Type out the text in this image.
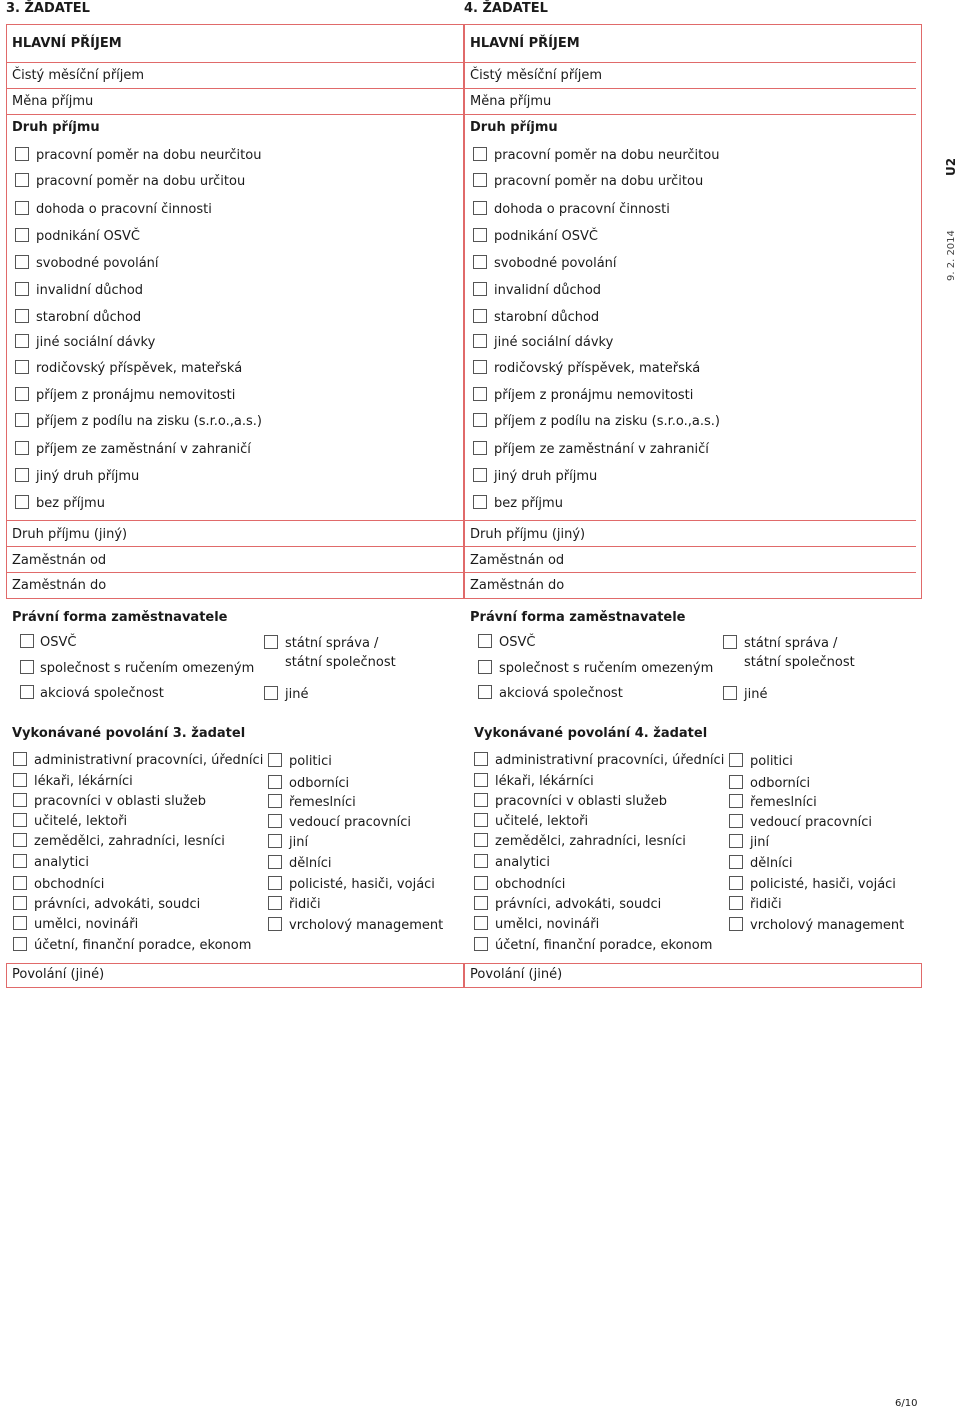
3. ŽADATEL
HLAVNÍ PŘÍJEM
Čistý měsíční příjem
Měna příjmu
Druh příjmu
pracovní poměr na dobu neurčitou
pracovní poměr na dobu určitou
dohoda o pracovní činnosti
podnikání OSVČ
svobodné povolání
invalidní důchod
starobní důchod
jiné sociální dávky
rodičovský příspěvek, mateřská
příjem z pronájmu nemovitosti
příjem z podílu na zisku (s.r.o.,a.s.)
příjem ze zaměstnání v zahraničí
jiný druh příjmu
bez příjmu
Druh příjmu (jiný)
Zaměstnán od
Zaměstnán do
Právní forma zaměstnavatele
OSVČ
společnost s ručením omezeným
akciová společnost
státní správa /
státní společnost
jiné
Vykonávané povolání 3. žadatel
administrativní pracovníci, úředníci
lékaři, lékárníci
pracovníci v oblasti služeb
učitelé, lektoři
zemědělci, zahradníci, lesníci
analytici
obchodníci
právníci, advokáti, soudci
umělci, novináři
účetní, finanční poradce, ekonom
politici
odborníci
řemeslníci
vedoucí pracovníci
jiní
dělníci
policisté, hasiči, vojáci
řidiči
vrcholový management
Povolání (jiné)
4. ŽADATEL
HLAVNÍ PŘÍJEM
Čistý měsíční příjem
Měna příjmu
Druh příjmu
pracovní poměr na dobu neurčitou
pracovní poměr na dobu určitou
dohoda o pracovní činnosti
podnikání OSVČ
svobodné povolání
invalidní důchod
starobní důchod
jiné sociální dávky
rodičovský příspěvek, mateřská
příjem z pronájmu nemovitosti
příjem z podílu na zisku (s.r.o.,a.s.)
příjem ze zaměstnání v zahraničí
jiný druh příjmu
bez příjmu
Druh příjmu (jiný)
Zaměstnán od
Zaměstnán do
Právní forma zaměstnavatele
OSVČ
společnost s ručením omezeným
akciová společnost
státní správa /
státní společnost
jiné
Vykonávané povolání 4. žadatel
administrativní pracovníci, úředníci
lékaři, lékárníci
pracovníci v oblasti služeb
učitelé, lektoři
zemědělci, zahradníci, lesníci
analytici
obchodníci
právníci, advokáti, soudci
umělci, novináři
účetní, finanční poradce, ekonom
politici
odborníci
řemeslníci
vedoucí pracovníci
jiní
dělníci
policisté, hasiči, vojáci
řidiči
vrcholový management
Povolání (jiné)
U2
9. 2. 2014
6/10
